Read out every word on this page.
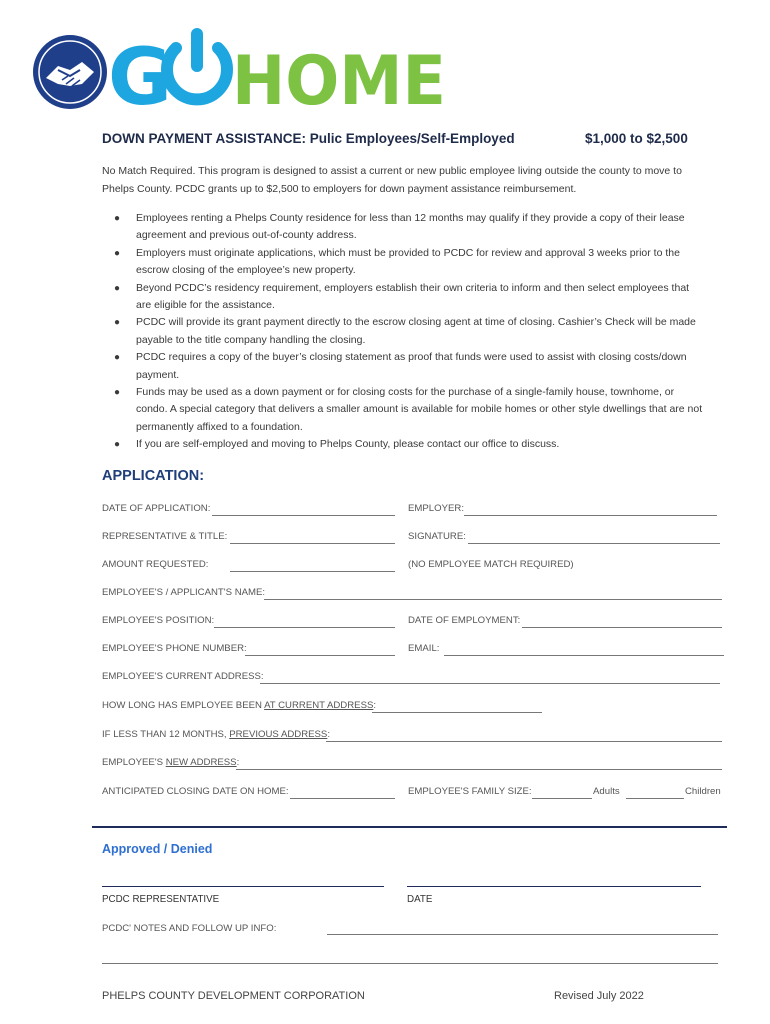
G HOME
DOWN PAYMENT ASSISTANCE: Pulic Employees/Self-Employed	$1,000 to $2,500
No Match Required. This program is designed to assist a current or new public employee living outside the county to move to Phelps County. PCDC grants up to $2,500 to employers for down payment assistance reimbursement.
● Employees renting a Phelps County residence for less than 12 months may qualify if they provide a copy of their lease agreement and previous out-of-county address.
● Employers must originate applications, which must be provided to PCDC for review and approval 3 weeks prior to the escrow closing of the employee’s new property.
● Beyond PCDC’s residency requirement, employers establish their own criteria to inform and then select employees that are eligible for the assistance.
● PCDC will provide its grant payment directly to the escrow closing agent at time of closing. Cashier’s Check will be made payable to the title company handling the closing.
● PCDC requires a copy of the buyer’s closing statement as proof that funds were used to assist with closing costs/down payment.
● Funds may be used as a down payment or for closing costs for the purchase of a single-family house, townhome, or condo. A special category that delivers a smaller amount is available for mobile homes or other style dwellings that are not permanently affixed to a foundation.
● If you are self-employed and moving to Phelps County, please contact our office to discuss.
APPLICATION:
DATE OF APPLICATION:	EMPLOYER:
REPRESENTATIVE & TITLE:	SIGNATURE:
AMOUNT REQUESTED:	(NO EMPLOYEE MATCH REQUIRED)
EMPLOYEE'S / APPLICANT'S NAME:
EMPLOYEE'S POSITION:	DATE OF EMPLOYMENT:
EMPLOYEE'S PHONE NUMBER:	EMAIL:
EMPLOYEE'S CURRENT ADDRESS:
HOW LONG HAS EMPLOYEE BEEN AT CURRENT ADDRESS:
IF LESS THAN 12 MONTHS, PREVIOUS ADDRESS:
EMPLOYEE'S NEW ADDRESS:
ANTICIPATED CLOSING DATE ON HOME:	EMPLOYEE'S FAMILY SIZE:	Adults	Children
Approved / Denied
PCDC REPRESENTATIVE	DATE
PCDC' NOTES AND FOLLOW UP INFO:
PHELPS COUNTY DEVELOPMENT CORPORATION	Revised July 2022
